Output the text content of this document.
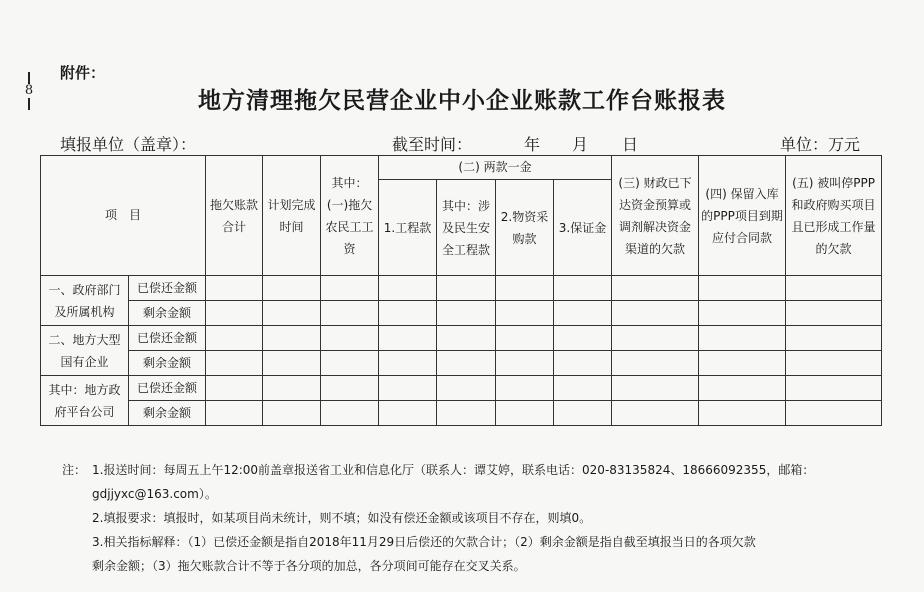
8
附件：
地方清理拖欠民营企业中小企业账款工作台账报表
填报单位（盖章）：	截至时间：	年 月 日	单位：万元
项　目		拖欠账款合计	计划完成时间	其中：(一)拖欠农民工工资	(二) 两款一金				(三) 财政已下达资金预算或调剂解决资金渠道的欠款	(四) 保留入库的PPP项目到期应付合同款	(五) 被叫停PPP和政府购买项目且已形成工作量的欠款
					1.工程款	其中：涉及民生安全工程款	2.物资采购款	3.保证金			
一、政府部门及所属机构	已偿还金额										
	剩余金额										
二、地方大型国有企业	已偿还金额										
	剩余金额										
其中：地方政府平台公司	已偿还金额										
	剩余金额										
注： 1.报送时间：每周五上午12:00前盖章报送省工业和信息化厅（联系人：谭艾婷，联系电话：020-83135824、18666092355，邮箱：
gdjjyxc@163.com）。
2.填报要求：填报时，如某项目尚未统计，则不填；如没有偿还金额或该项目不存在，则填0。
3.相关指标解释：（1）已偿还金额是指自2018年11月29日后偿还的欠款合计；（2）剩余金额是指自截至填报当日的各项欠款
剩余金额；（3）拖欠账款合计不等于各分项的加总，各分项间可能存在交叉关系。
